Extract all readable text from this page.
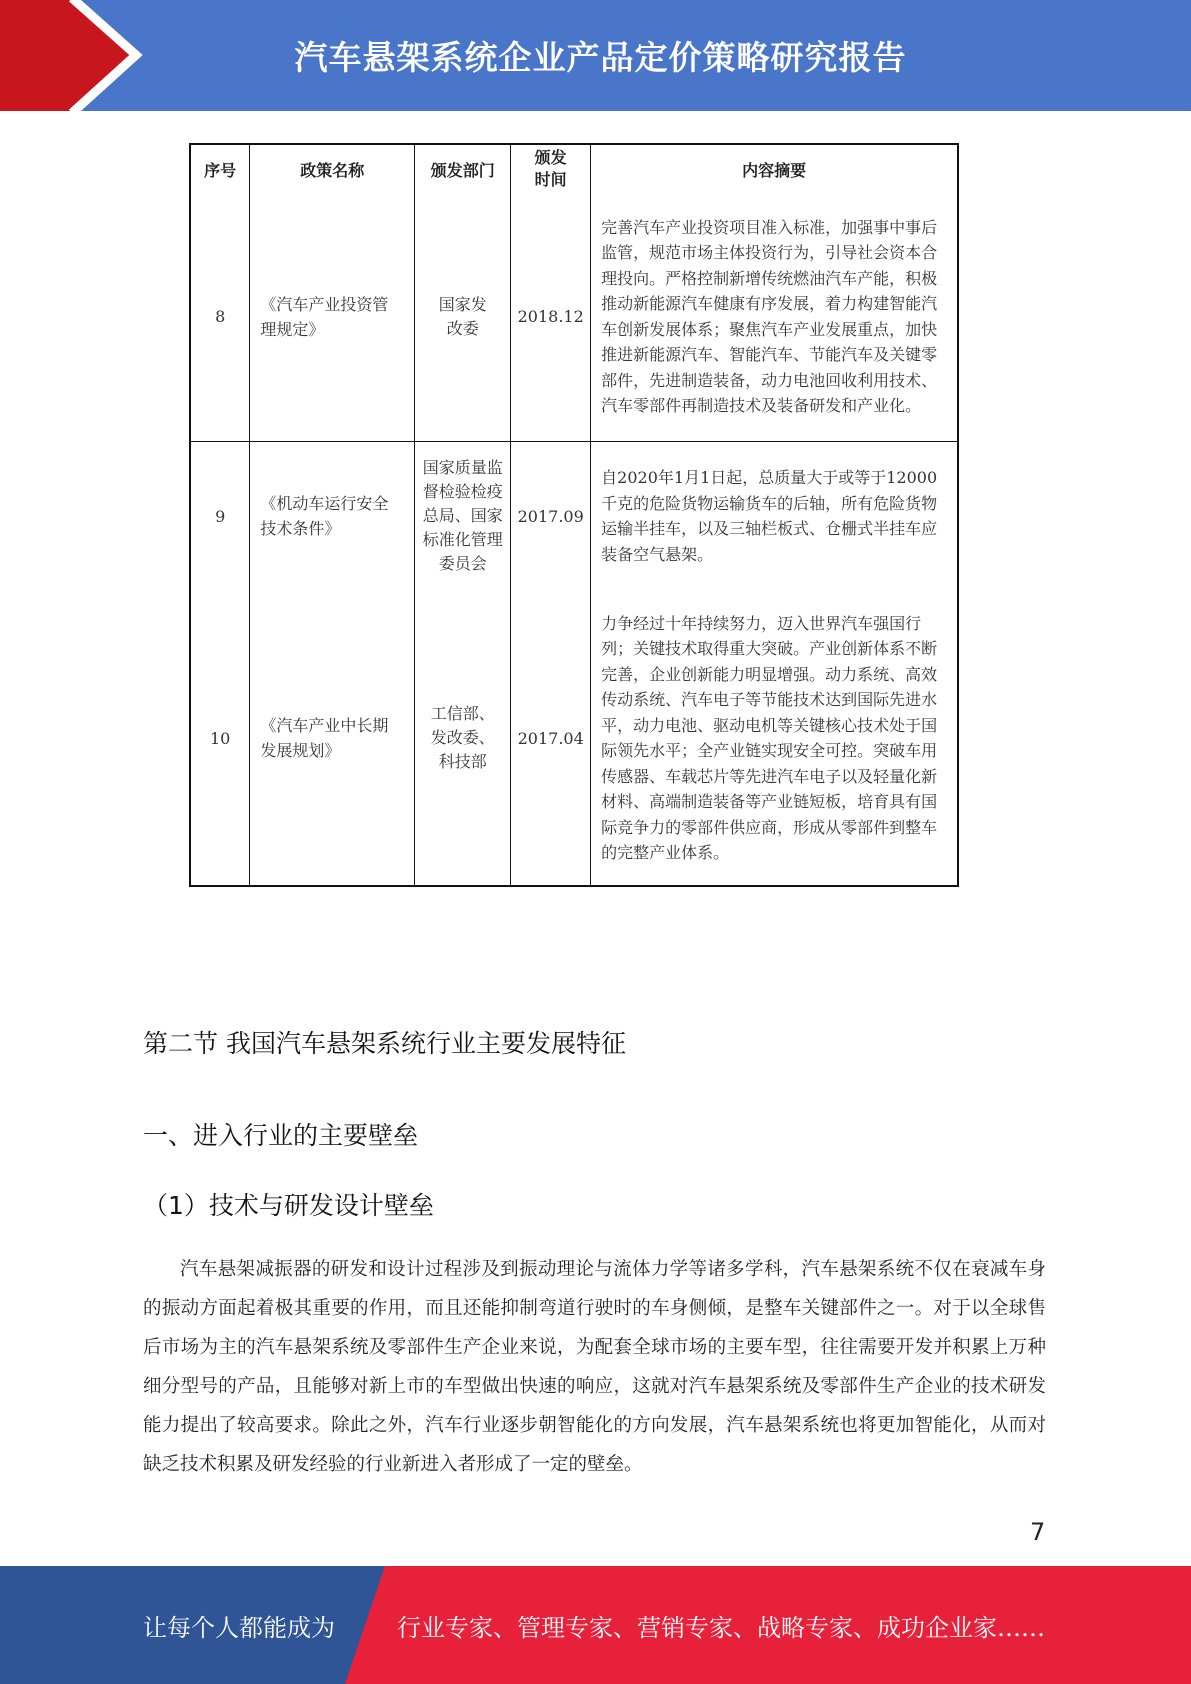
汽车悬架系统企业产品定价策略研究报告
序号	政策名称	颁发部门	颁发时间	内容摘要
8	《汽车产业投资管理规定》	国家发改委	2018.12	完善汽车产业投资项目准入标准，加强事中事后监管，规范市场主体投资行为，引导社会资本合理投向。严格控制新增传统燃油汽车产能，积极推动新能源汽车健康有序发展，着力构建智能汽车创新发展体系；聚焦汽车产业发展重点，加快推进新能源汽车、智能汽车、节能汽车及关键零部件，先进制造装备，动力电池回收利用技术、汽车零部件再制造技术及装备研发和产业化。
9	《机动车运行安全技术条件》	国家质量监督检验检疫总局、国家标准化管理委员会	2017.09	自2020年1月1日起，总质量大于或等于12000千克的危险货物运输货车的后轴，所有危险货物运输半挂车，以及三轴栏板式、仓栅式半挂车应装备空气悬架。
10	《汽车产业中长期发展规划》	工信部、发改委、科技部	2017.04	力争经过十年持续努力，迈入世界汽车强国行列；关键技术取得重大突破。产业创新体系不断完善，企业创新能力明显增强。动力系统、高效传动系统、汽车电子等节能技术达到国际先进水平，动力电池、驱动电机等关键核心技术处于国际领先水平；全产业链实现安全可控。突破车用传感器、车载芯片等先进汽车电子以及轻量化新材料、高端制造装备等产业链短板，培育具有国际竞争力的零部件供应商，形成从零部件到整车的完整产业体系。
第二节 我国汽车悬架系统行业主要发展特征
一、进入行业的主要壁垒
（1）技术与研发设计壁垒
汽车悬架减振器的研发和设计过程涉及到振动理论与流体力学等诸多学科，汽车悬架系统不仅在衰减车身的振动方面起着极其重要的作用，而且还能抑制弯道行驶时的车身侧倾，是整车关键部件之一。对于以全球售后市场为主的汽车悬架系统及零部件生产企业来说，为配套全球市场的主要车型，往往需要开发并积累上万种细分型号的产品，且能够对新上市的车型做出快速的响应，这就对汽车悬架系统及零部件生产企业的技术研发能力提出了较高要求。除此之外，汽车行业逐步朝智能化的方向发展，汽车悬架系统也将更加智能化，从而对缺乏技术积累及研发经验的行业新进入者形成了一定的壁垒。
7
让每个人都能成为	行业专家、管理专家、营销专家、战略专家、成功企业家……
